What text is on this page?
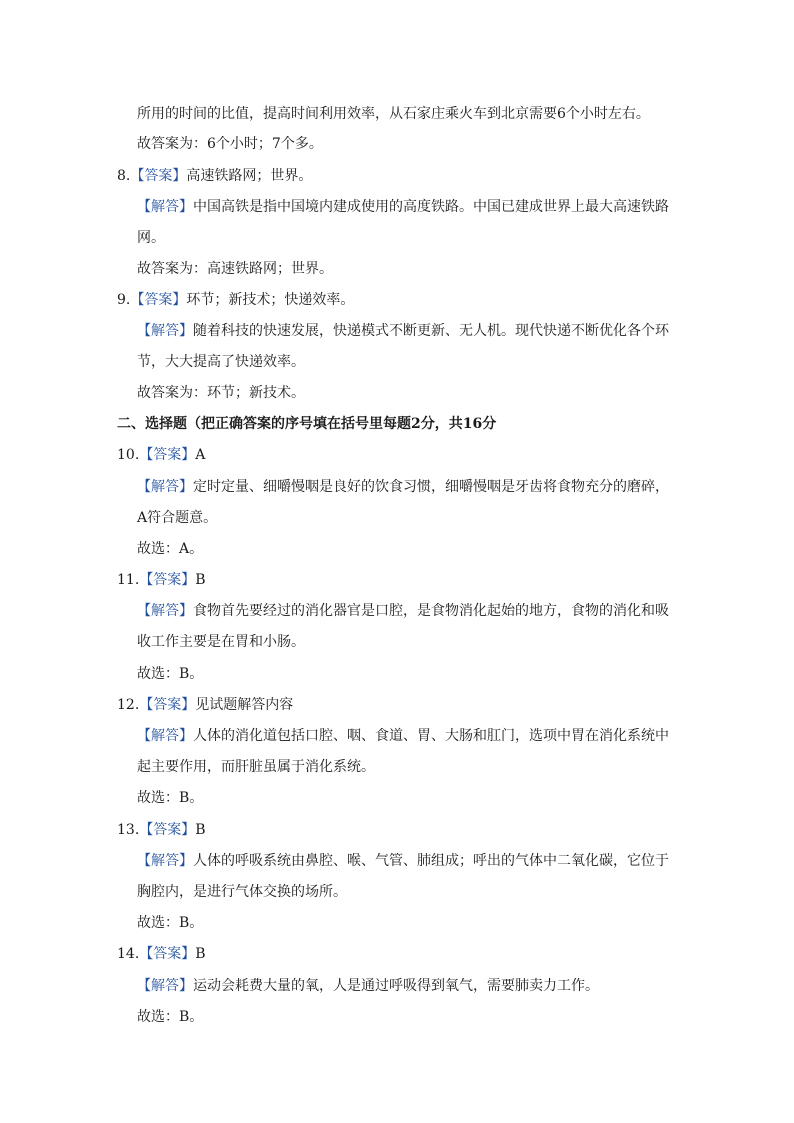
所用的时间的比值，提高时间利用效率，从石家庄乘火车到北京需要6个小时左右。
故答案为：6个小时；7个多。
8.【答案】高速铁路网；世界。
【解答】中国高铁是指中国境内建成使用的高度铁路。中国已建成世界上最大高速铁路
网。
故答案为：高速铁路网；世界。
9.【答案】环节；新技术；快递效率。
【解答】随着科技的快速发展，快递模式不断更新、无人机。现代快递不断优化各个环
节，大大提高了快递效率。
故答案为：环节；新技术。
二、选择题（把正确答案的序号填在括号里每题2分，共16分
10.【答案】A
【解答】定时定量、细嚼慢咽是良好的饮食习惯，细嚼慢咽是牙齿将食物充分的磨碎，
A符合题意。
故选：A。
11.【答案】B
【解答】食物首先要经过的消化器官是口腔，是食物消化起始的地方，食物的消化和吸
收工作主要是在胃和小肠。
故选：B。
12.【答案】见试题解答内容
【解答】人体的消化道包括口腔、咽、食道、胃、大肠和肛门，选项中胃在消化系统中
起主要作用，而肝脏虽属于消化系统。
故选：B。
13.【答案】B
【解答】人体的呼吸系统由鼻腔、喉、气管、肺组成；呼出的气体中二氧化碳，它位于
胸腔内，是进行气体交换的场所。
故选：B。
14.【答案】B
【解答】运动会耗费大量的氧，人是通过呼吸得到氧气，需要肺卖力工作。
故选：B。
